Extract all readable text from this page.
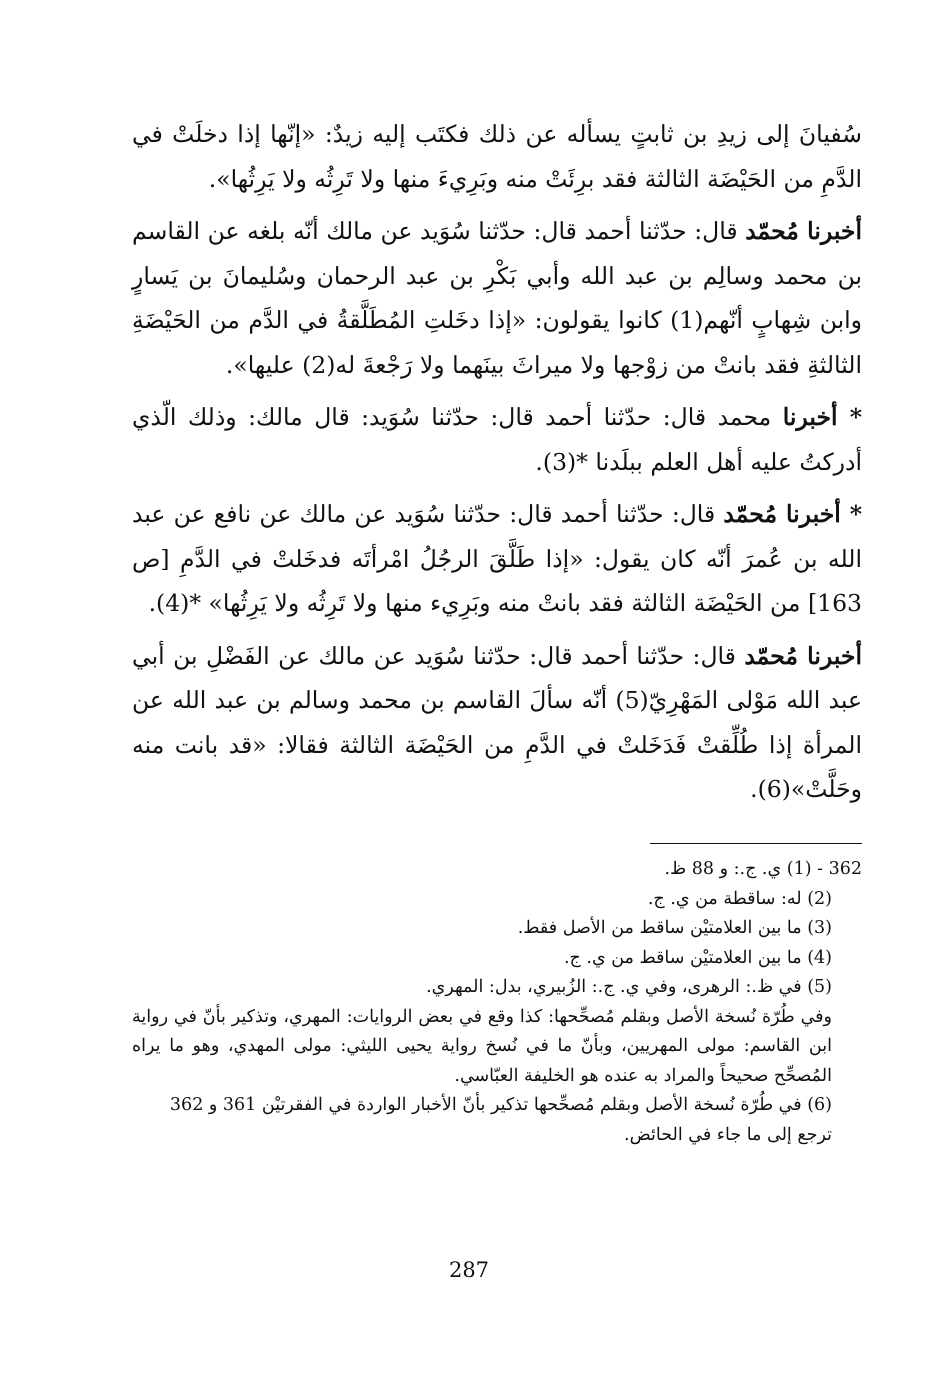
سُفيانَ إلى زيدِ بن ثابتٍ يسأله عن ذلك فكتَب إليه زيدٌ: «إنّها إذا دخلَتْ في الدَّمِ من الحَيْضَة الثالثة فقد برِئَتْ منه وبَرِيءَ منها ولا تَرِثُه ولا يَرِثُها».

أخبرنا مُحمّد قال: حدّثنا أحمد قال: حدّثنا سُوَيد عن مالك أنّه بلغه عن القاسم بن محمد وسالِم بن عبد الله وأبي بَكْرِ بن عبد الرحمان وسُليمانَ بن يَسارٍ وابن شِهابٍ أنّهم(1) كانوا يقولون: «إذا دخَلتِ المُطَلَّقةُ في الدَّم من الحَيْضَةِ الثالثةِ فقد بانتْ من زوْجها ولا ميراثَ بينَهما ولا رَجْعةَ له(2) عليها».

* أخبرنا محمد قال: حدّثنا أحمد قال: حدّثنا سُوَيد: قال مالك: وذلك الّذي أدركتُ عليه أهل العلم ببلَدنا *(3).

* أخبرنا مُحمّد قال: حدّثنا أحمد قال: حدّثنا سُوَيد عن مالك عن نافع عن عبد الله بن عُمرَ أنّه كان يقول: «إذا طَلَّقَ الرجُلُ امْرأتَه فدخَلتْ في الدَّمِ [ص 163] من الحَيْضَة الثالثة فقد بانتْ منه وبَرِيء منها ولا تَرِثُه ولا يَرِثُها» *(4).

أخبرنا مُحمّد قال: حدّثنا أحمد قال: حدّثنا سُوَيد عن مالك عن الفَضْلِ بن أبي عبد الله مَوْلى المَهْرِيّ(5) أنّه سألَ القاسم بن محمد وسالم بن عبد الله عن المرأة إذا طُلِّقتْ فَدَخَلتْ في الدَّمِ من الحَيْضَة الثالثة فقالا: «قد بانت منه وحَلَّتْ»(6).

362 - (1) ي. ج.: و 88 ظ.

(2) له: ساقطة من ي. ج.

(3) ما بين العلامتيْن ساقط من الأصل فقط.

(4) ما بين العلامتيْن ساقط من ي. ج.

(5) في ظ.: الرهرى، وفي ي. ج.: الزُبيري، بدل: المهري.

وفي طُرّة نُسخة الأصل وبقلم مُصحِّحها: كذا وقع في بعض الروايات: المهري، وتذكير بأنّ في رواية ابن القاسم: مولى المهريين، وبأنّ ما في نُسخ رواية يحيى الليثي: مولى المهدي، وهو ما يراه المُصحِّح صحيحاً والمراد به عنده هو الخليفة العبّاسي.

(6) في طُرّة نُسخة الأصل وبقلم مُصحِّحها تذكير بأنّ الأخبار الواردة في الفقرتيْن 361 و 362 ترجع إلى ما جاء في الحائض.

287
